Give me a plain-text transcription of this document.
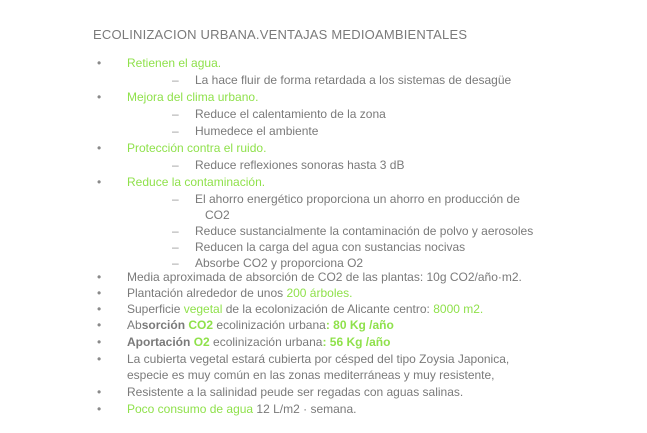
ECOLINIZACION URBANA.VENTAJAS MEDIOAMBIENTALES
•	Retienen el agua.
–	La hace fluir de forma retardada a los sistemas de desagüe
•	Mejora del clima urbano.
–	Reduce el calentamiento de la zona
–	Humedece el ambiente
•	Protección contra el ruido.
–	Reduce reflexiones sonoras hasta 3 dB
•	Reduce la contaminación.
–	El ahorro energético proporciona un ahorro en producción de
CO2
–	Reduce sustancialmente la contaminación de polvo y aerosoles
–	Reducen la carga del agua con sustancias nocivas
–	Absorbe CO2 y proporciona O2
•	Media aproximada de absorción de CO2 de las plantas: 10g CO2/año·m2.
•	Plantación alrededor de unos 200 árboles.
•	Superficie vegetal de la ecolonización de Alicante centro: 8000 m2.
•	Absorción CO2 ecolinización urbana: 80 Kg /año
•	Aportación O2 ecolinización urbana: 56 Kg /año
•	La cubierta vegetal estará cubierta por césped del tipo Zoysia Japonica,
especie es muy común en las zonas mediterráneas y muy resistente,
•	Resistente a la salinidad peude ser regadas con aguas salinas.
•	Poco consumo de agua 12 L/m2 · semana.
